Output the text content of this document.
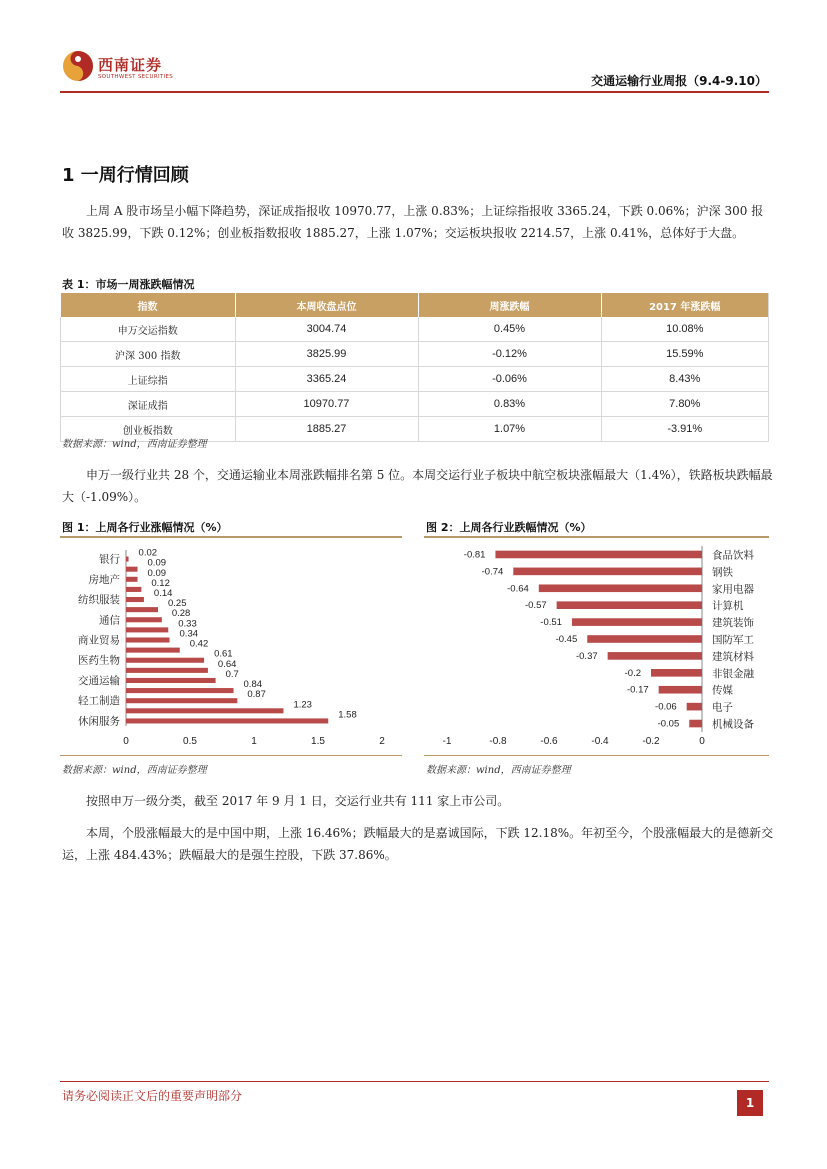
西南证券
SOUTHWEST SECURITIES	交通运输行业周报（9.4-9.10）
1 一周行情回顾
上周 A 股市场呈小幅下降趋势，深证成指报收 10970.77，上涨 0.83%；上证综指报收 3365.24，下跌 0.06%；沪深 300 报收 3825.99，下跌 0.12%；创业板指数报收 1885.27，上涨 1.07%；交运板块报收 2214.57，上涨 0.41%，总体好于大盘。
表 1：市场一周涨跌幅情况
指数	本周收盘点位	周涨跌幅	2017 年涨跌幅
申万交运指数	3004.74	0.45%	10.08%
沪深 300 指数	3825.99	-0.12%	15.59%
上证综指	3365.24	-0.06%	8.43%
深证成指	10970.77	0.83%	7.80%
创业板指数	1885.27	1.07%	-3.91%
数据来源：wind，西南证券整理
申万一级行业共 28 个，交通运输业本周涨跌幅排名第 5 位。本周交运行业子板块中航空板块涨幅最大（1.4%），铁路板块跌幅最大（-1.09%）。
图 1：上周各行业涨幅情况（%）
0.02
银行	0.09
0.09
房地产	0.12
0.14
纺织服装	0.25
0.28
通信	0.33
0.34
商业贸易	0.42
0.61
医药生物	0.64
0.7
交通运输	0.84
0.87
轻工制造	1.23
1.58
休闲服务
0	0.5	1	1.5	2
数据来源：wind，西南证券整理
图 2：上周各行业跌幅情况（%）
-0.81	食品饮料
-0.74	钢铁
-0.64	家用电器
-0.57	计算机
-0.51	建筑装饰
-0.45	国防军工
-0.37	建筑材料
-0.2	非银金融
-0.17	传媒
-0.06	电子
-0.05	机械设备
-1	-0.8	-0.6	-0.4	-0.2	0
数据来源：wind，西南证券整理
按照申万一级分类，截至 2017 年 9 月 1 日，交运行业共有 111 家上市公司。
本周，个股涨幅最大的是中国中期，上涨 16.46%；跌幅最大的是嘉诚国际，下跌 12.18%。年初至今，个股涨幅最大的是德新交运，上涨 484.43%；跌幅最大的是强生控股，下跌 37.86%。
请务必阅读正文后的重要声明部分	1
